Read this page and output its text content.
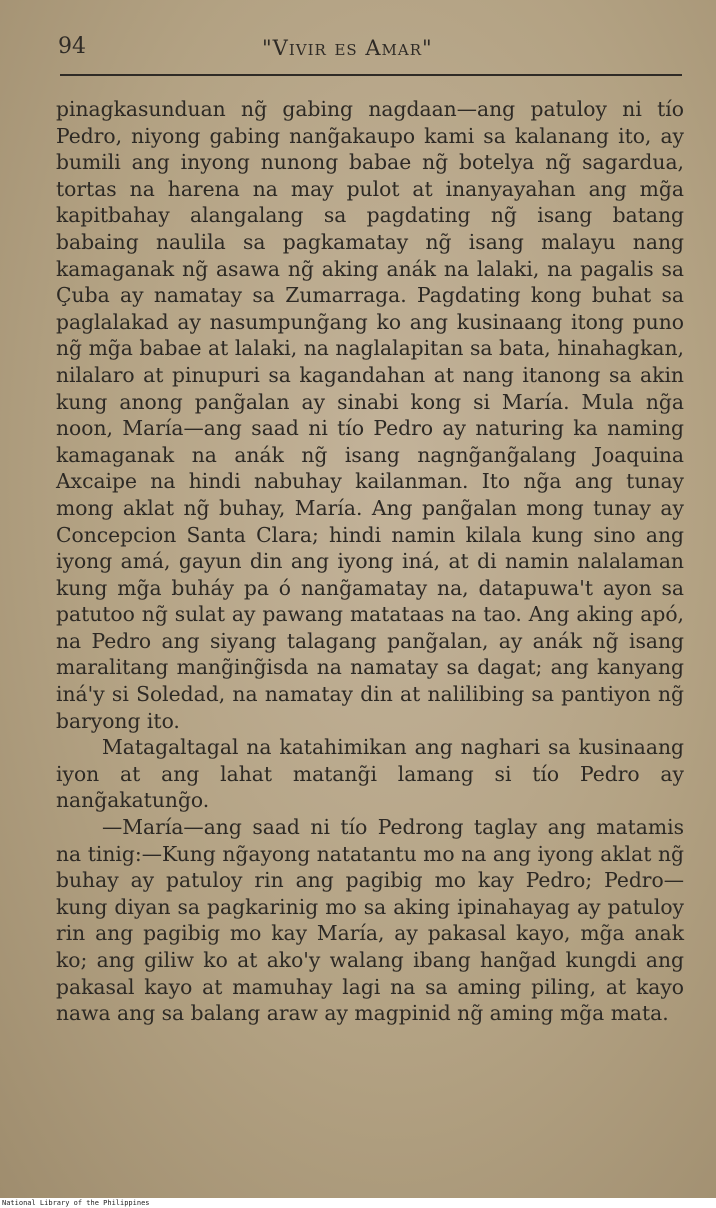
94	"Vivir es Amar"

pinagkasunduan ng̃ gabing nagdaan—ang patuloy ni tío Pedro, niyong gabing nang̃akaupo kami sa kalanang ito, ay bumili ang inyong nunong babae ng̃ botelya ng̃ sagardua, tortas na harena na may pulot at inanyayahan ang mg̃a kapitbahay alangalang sa pagdating ng̃ isang batang babaing naulila sa pagkamatay ng̃ isang malayu nang kamaganak ng̃ asawa ng̃ aking anák na lalaki, na pagalis sa Çuba ay namatay sa Zumarraga. Pagdating kong buhat sa paglalakad ay nasumpung̃ang ko ang kusinaang itong puno ng̃ mg̃a babae at lalaki, na naglalapitan sa bata, hinahagkan, nilalaro at pinupuri sa kagandahan at nang itanong sa akin kung anong pang̃alan ay sinabi kong si María. Mula ng̃a noon, María—ang saad ni tío Pedro ay naturing ka naming kamaganak na anák ng̃ isang nagng̃ang̃alang Joaquina Axcaipe na hindi nabuhay kailanman. Ito ng̃a ang tunay mong aklat ng̃ buhay, María. Ang pang̃alan mong tunay ay Concepcion Santa Clara; hindi namin kilala kung sino ang iyong amá, gayun din ang iyong iná, at di namin nalalaman kung mg̃a buháy pa ó nang̃amatay na, datapuwa't ayon sa patutoo ng̃ sulat ay pawang matataas na tao. Ang aking apó, na Pedro ang siyang talagang pang̃alan, ay anák ng̃ isang maralitang mang̃ing̃isda na namatay sa dagat; ang kanyang iná'y si Soledad, na namatay din at nalilibing sa pantiyon ng̃ baryong ito.

Matagaltagal na katahimikan ang naghari sa kusinaang iyon at ang lahat matang̃i lamang si tío Pedro ay nang̃akatung̃o.

—María—ang saad ni tío Pedrong taglay ang matamis na tinig:—Kung ng̃ayong natatantu mo na ang iyong aklat ng̃ buhay ay patuloy rin ang pagibig mo kay Pedro; Pedro—kung diyan sa pagkarinig mo sa aking ipinahayag ay patuloy rin ang pagibig mo kay María, ay pakasal kayo, mg̃a anak ko; ang giliw ko at ako'y walang ibang hang̃ad kungdi ang pakasal kayo at mamuhay lagi na sa aming piling, at kayo nawa ang sa balang araw ay magpinid ng̃ aming mg̃a mata.

National Library of the Philippines
